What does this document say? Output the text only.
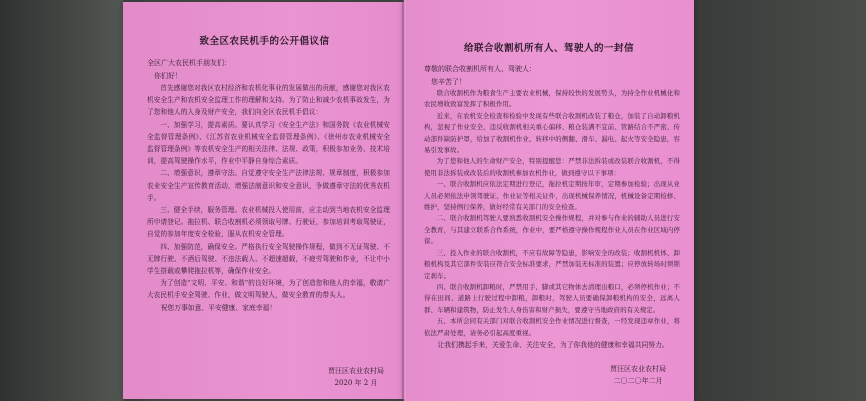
致全区农民机手的公开倡议信
全区广大农民机手朋友们：
你们好！
首先感谢您对我区农村经济和农机化事业的发展做出的贡献，感谢您对我区农机安全生产和农机安全监理工作的理解和支持。为了防止和减少农机事故发生，为了您和他人的人身及财产安全，我们向全区农民机手倡议：
一、加强学习，提高素质。要认真学习《安全生产法》和国务院《农业机械安全监督管理条例》、《江苏省农业机械安全监督管理条例》、《徐州市农业机械安全监督管理条例》等农机安全生产的相关法律、法规、政策，积极参加业务、技术培训，提高驾驶操作水平，作业中平静自身综合素质。
二、增强意识，遵章守法。自觉遵守安全生产法律法规、规章制度，积极参加农业安全生产宣传教育活动，增强法制意识和安全意识，争做遵章守法的优秀农机手。
三、健全手续，服务管理。农业机械投入使用前，应主动到当地农机安全监理所申请登记。拖拉机、联合收割机必须领取号牌、行驶证，参加培训考取驾驶证，自觉的参加年度安全检验，服从农机安全管理。
四、加强防范，确保安全。严格执行安全驾驶操作规程，做到不无证驾驶、不无牌行驶、不酒后驾驶、不违法载人、不超速超载，不疲劳驾驶和作业，不让中小学生搭载或攀爬拖拉机等，确保作业安全。
为了创造“文明、平安、和谐”的良好环境，为了创造您和他人的幸福，敬请广大农民机手安全驾驶、作业，做文明驾驶人，做安全教育的带头人。
祝您万事如意、平安健康、家庭幸福！
贾汪区农业农村局
2020 年 2 月
给联合收割机所有人、驾驶人的一封信
尊敬的联合收割机所有人、驾驶人：
您辛苦了！
联合收割机作为粮食生产主要农业机械，保持较快的发展势头，为持全作业机械化和农民增收致富发挥了积极作用。
近来，在农机安全检查和检验中发现有些联合收割机改装了粮仓，加装了自动卸粮机构，忽视了作业安全，违反收割机相关重心偏移、粮仓装满不宜前、管路结合不严密、传动部件缺防护罩，给加了收割机作业、转移中的侧翻、滑车、漏电、起火等安全隐患，容易引发事故。
为了您和他人的生命财产安全，特别提醒您：严禁非法拆装或改装联合收割机，不得使用非法拆装或改装后的收割机参加农机作业，做到遵守以下事项：
一、联合收割机应依法定期进行登记，拖拉机定期按年审，定期参加检验；出现从业人员必须依法申领驾驶证、作业证等相关证件，出现机械保养情况，机械设备定期检修、维护，坚持例行保养，做好经常有关部门的安全检查。
二、联合收割机驾驶人要熟悉收割机安全操作规程，并对参与作业的辅助人员进行安全教育，与其建立联系合作系统，作业中，要严格遵守操作规程作业人员在作业区域内停留。
三、投入作业的联合收割机，不应有故障等隐患，影响安全的改装；收割机机体、卸粮机构及其它部件安装应符合安全标准要求，严禁加装无标准的装置；应停放转场时须锁定刹车。
四、联合收割机卸粮时，严禁用手、脚或其它物体去清理出粮口，必须停机作业；不得在田间、道路上行驶过程中卸粮，卸粮时，驾驶人员要确保卸粮机构的安全，远离人群、车辆和建筑物，防止发生人身伤害和财产损失，要遵守当地政府的有关规定。
五、本所会同有关部门对联合收割机安全作业情况进行督查，一经发现违章作业，将依法严肃处理，请务必引起高度重视。
让我们携起手来，关爱生命、关注安全，为了你我他的健康和幸福共同努力。
贾汪区农业农村局
二〇二〇年二月
